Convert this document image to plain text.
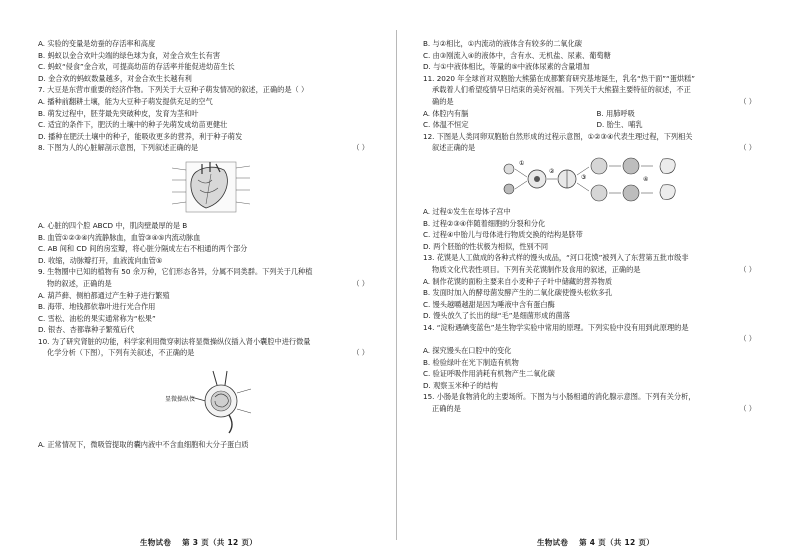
A. 实验的变量是幼蚕的存活率和高度
B. 蚂蚁以金合欢叶尖端的绿色球为食，对金合欢生长有害
C. 蚂蚁“侵食”金合欢，可提高幼苗的存活率并能促进幼苗生长
D. 金合欢的蚂蚁数量越多，对金合欢生长越有利
7. 大豆是东营市重要的经济作物。下列关于大豆种子萌发情况的叙述，正确的是（ ）
A. 播种前翻耕土壤，能为大豆种子萌发提供充足的空气
B. 萌发过程中，胚芽最先突破种皮，发育为茎和叶
C. 适宜的条件下，肥沃的土壤中的种子先萌发成幼苗更健壮
D. 播种在肥沃土壤中的种子，能吸收更多的营养，利于种子萌发
8. 下图为人的心脏解剖示意图，下列叙述正确的是	（ ）
A. 心脏的四个腔 ABCD 中，肌肉壁最厚的是 B
B. 血管①②③④内流静脉血，血管③④⑤内流动脉血
C. AB 间和 CD 间的房室瓣，将心脏分隔成左右不相通的两个部分
D. 收缩，动脉瓣打开，血液流向血管⑤
9. 生物圈中已知的植物有 50 余万种，它们形态各异，分属不同类群。下列关于几种植
物的叙述，正确的是	（ ）
A. 葫芦藓、侧柏都通过产生种子进行繁殖
B. 海带、地钱都依靠叶进行光合作用
C. 雪松、油松的果实通常称为“松果”
D. 银杏、杏都靠种子繁殖后代
10. 为了研究肾脏的功能，科学家利用微穿刺法将显微操纵仪插入肾小囊腔中进行微量
化学分析（下图），下列有关叙述，不正确的是	（ ）
显微操纵仪
A. 正常情况下，微吸管提取的囊内液中不含血细胞和大分子蛋白质
生物试卷 第 3 页（共 12 页）
B. 与②相比，①内流动的液体含有较多的二氧化碳
C. 由③刚流入④的液体中，含有水、无机盐、尿素、葡萄糖
D. 与①中液体相比，等量的⑤中液体尿素的含量增加
11. 2020 年全球首对双胞胎大熊猫在成都繁育研究基地诞生，乳名“热干面”“蛋烘糕”
承载着人们希望疫情早日结束的美好祝福。下列关于大熊猫主要特征的叙述，不正
确的是	（ ）
A. 体腔内有膈	B. 用肺呼吸
C. 体温不恒定	D. 胎生、哺乳
12. 下图是人类同卵双胞胎自然形成的过程示意图，①②③④代表生理过程，下列相关
叙述正确的是	（ ）
①
②
③	④
A. 过程①发生在母体子宫中
B. 过程②③④伴随着细胞的分裂和分化
C. 过程④中胎儿与母体进行物质交换的结构是脐带
D. 两个胚胎的性状极为相似，性别不同
13. 花馍是人工做成的各种式样的馒头成品，“河口花馍”被列入了东营第五批市级非
物质文化代表性项目。下列有关花馍制作及食用的叙述，正确的是	（ ）
A. 制作花馍的面粉主要来自小麦种子子叶中储藏的营养物质
B. 发面时加入的酵母菌发酵产生的二氧化碳使馒头松软多孔
C. 馒头越嚼越甜是因为唾液中含有蛋白酶
D. 馒头放久了长出的绿“毛”是细菌形成的菌落
14. “淀粉遇碘变蓝色”是生物学实验中常用的原理。下列实验中没有用到此原理的是
（ ）
A. 探究馒头在口腔中的变化
B. 检验绿叶在光下制造有机物
C. 验证呼吸作用消耗有机物产生二氧化碳
D. 观察玉米种子的结构
15. 小肠是食物消化的主要场所。下图为与小肠相通的消化腺示意图。下列有关分析，
正确的是	（ ）
生物试卷 第 4 页（共 12 页）
